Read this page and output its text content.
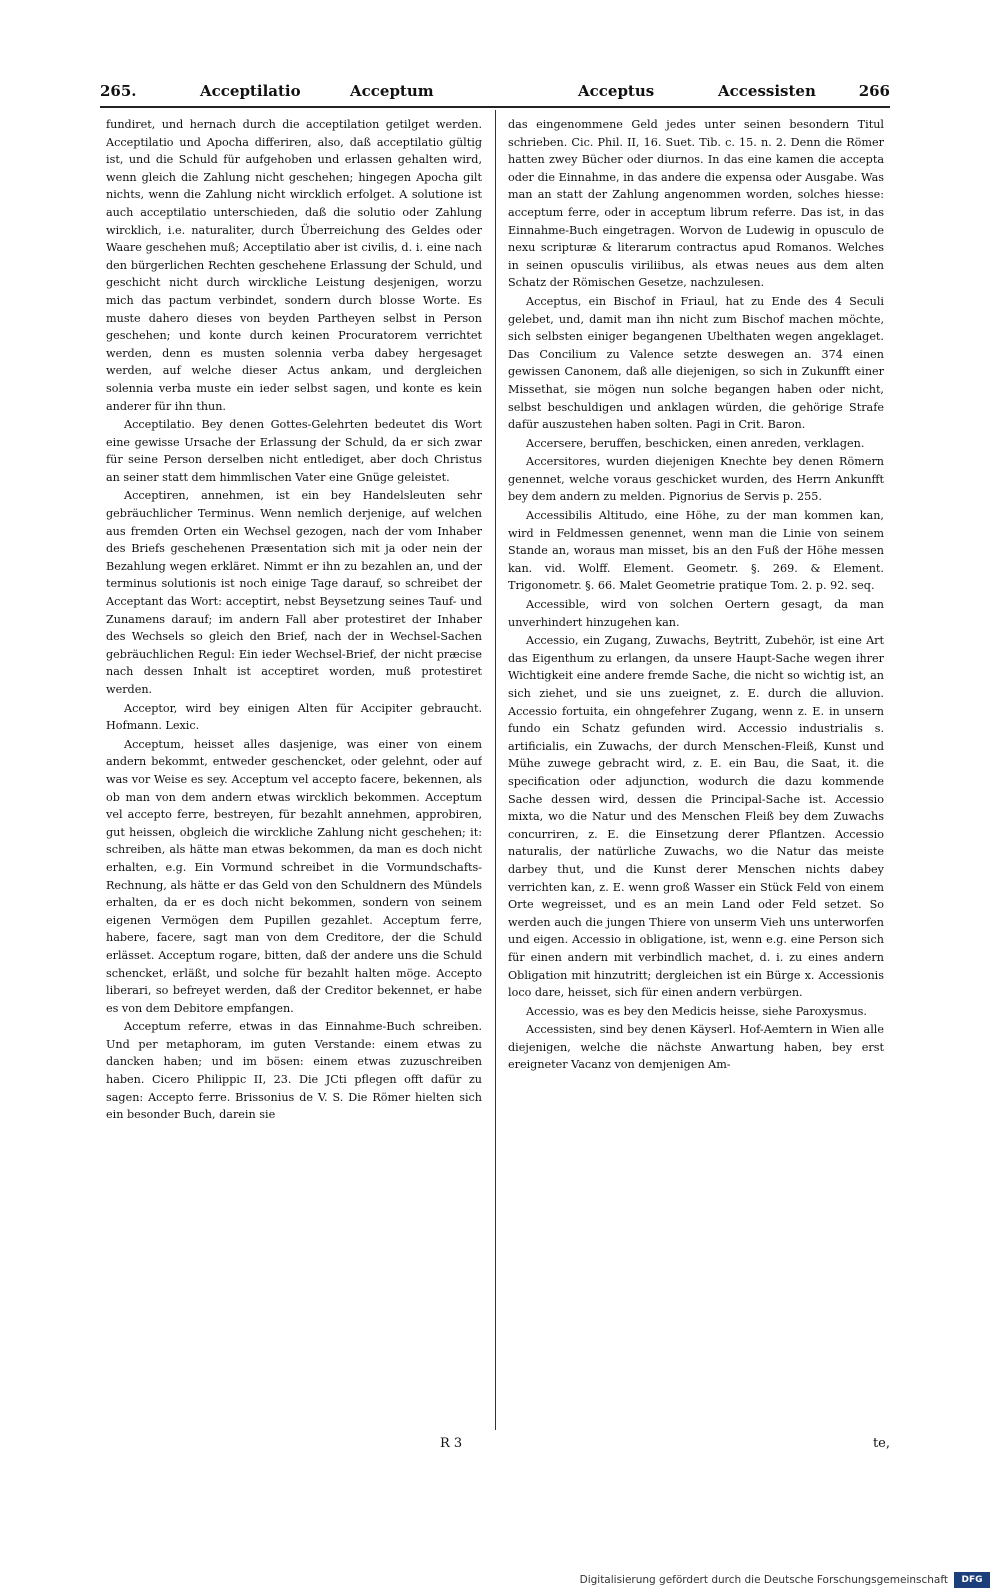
265.	Acceptilatio	Acceptum	Acceptus	Accessisten	266

fundiret, und hernach durch die acceptilation getilget werden. Acceptilatio und Apocha differiren, also, daß acceptilatio gültig ist, und die Schuld für aufgehoben und erlassen gehalten wird, wenn gleich die Zahlung nicht geschehen; hingegen Apocha gilt nichts, wenn die Zahlung nicht wircklich erfolget. A solutione ist auch acceptilatio unterschieden, daß die solutio oder Zahlung wircklich, i.e. naturaliter, durch Überreichung des Geldes oder Waare geschehen muß; Acceptilatio aber ist civilis, d. i. eine nach den bürgerlichen Rechten geschehene Erlassung der Schuld, und geschicht nicht durch wirckliche Leistung desjenigen, worzu mich das pactum verbindet, sondern durch blosse Worte. Es muste dahero dieses von beyden Partheyen selbst in Person geschehen; und konte durch keinen Procuratorem verrichtet werden, denn es musten solennia verba dabey hergesaget werden, auf welche dieser Actus ankam, und dergleichen solennia verba muste ein ieder selbst sagen, und konte es kein anderer für ihn thun.

Acceptilatio. Bey denen Gottes-Gelehrten bedeutet dis Wort eine gewisse Ursache der Erlassung der Schuld, da er sich zwar für seine Person derselben nicht entlediget, aber doch Christus an seiner statt dem himmlischen Vater eine Gnüge geleistet.

Acceptiren, annehmen, ist ein bey Handelsleuten sehr gebräuchlicher Terminus. Wenn nemlich derjenige, auf welchen aus fremden Orten ein Wechsel gezogen, nach der vom Inhaber des Briefs geschehenen Præsentation sich mit ja oder nein der Bezahlung wegen erkläret. Nimmt er ihn zu bezahlen an, und der terminus solutionis ist noch einige Tage darauf, so schreibet der Acceptant das Wort: acceptirt, nebst Beysetzung seines Tauf- und Zunamens darauf; im andern Fall aber protestiret der Inhaber des Wechsels so gleich den Brief, nach der in Wechsel-Sachen gebräuchlichen Regul: Ein ieder Wechsel-Brief, der nicht præcise nach dessen Inhalt ist acceptiret worden, muß protestiret werden.

Acceptor, wird bey einigen Alten für Accipiter gebraucht. Hofmann. Lexic.

Acceptum, heisset alles dasjenige, was einer von einem andern bekommt, entweder geschencket, oder gelehnt, oder auf was vor Weise es sey. Acceptum vel accepto facere, bekennen, als ob man von dem andern etwas wircklich bekommen. Acceptum vel accepto ferre, bestreyen, für bezahlt annehmen, approbiren, gut heissen, obgleich die wirckliche Zahlung nicht geschehen; it: schreiben, als hätte man etwas bekommen, da man es doch nicht erhalten, e.g. Ein Vormund schreibet in die Vormundschafts-Rechnung, als hätte er das Geld von den Schuldnern des Mündels erhalten, da er es doch nicht bekommen, sondern von seinem eigenen Vermögen dem Pupillen gezahlet. Acceptum ferre, habere, facere, sagt man von dem Creditore, der die Schuld erlässet. Acceptum rogare, bitten, daß der andere uns die Schuld schencket, erläßt, und solche für bezahlt halten möge. Accepto liberari, so befreyet werden, daß der Creditor bekennet, er habe es von dem Debitore empfangen.

Acceptum referre, etwas in das Einnahme-Buch schreiben. Und per metaphoram, im guten Verstande: einem etwas zu dancken haben; und im bösen: einem etwas zuzuschreiben haben. Cicero Philippic II, 23. Die JCti pflegen offt dafür zu sagen: Accepto ferre. Brissonius de V. S. Die Römer hielten sich ein besonder Buch, darein sie

das eingenommene Geld jedes unter seinen besondern Titul schrieben. Cic. Phil. II, 16. Suet. Tib. c. 15. n. 2. Denn die Römer hatten zwey Bücher oder diurnos. In das eine kamen die accepta oder die Einnahme, in das andere die expensa oder Ausgabe. Was man an statt der Zahlung angenommen worden, solches hiesse: acceptum ferre, oder in acceptum librum referre. Das ist, in das Einnahme-Buch eingetragen. Worvon de Ludewig in opusculo de nexu scripturæ & literarum contractus apud Romanos. Welches in seinen opusculis viriliibus, als etwas neues aus dem alten Schatz der Römischen Gesetze, nachzulesen.

Acceptus, ein Bischof in Friaul, hat zu Ende des 4 Seculi gelebet, und, damit man ihn nicht zum Bischof machen möchte, sich selbsten einiger begangenen Ubelthaten wegen angeklaget. Das Concilium zu Valence setzte deswegen an. 374 einen gewissen Canonem, daß alle diejenigen, so sich in Zukunfft einer Missethat, sie mögen nun solche begangen haben oder nicht, selbst beschuldigen und anklagen würden, die gehörige Strafe dafür auszustehen haben solten. Pagi in Crit. Baron.

Accersere, beruffen, beschicken, einen anreden, verklagen.

Accersitores, wurden diejenigen Knechte bey denen Römern genennet, welche voraus geschicket wurden, des Herrn Ankunfft bey dem andern zu melden. Pignorius de Servis p. 255.

Accessibilis Altitudo, eine Höhe, zu der man kommen kan, wird in Feldmessen genennet, wenn man die Linie von seinem Stande an, woraus man misset, bis an den Fuß der Höhe messen kan. vid. Wolff. Element. Geometr. §. 269. & Element. Trigonometr. §. 66. Malet Geometrie pratique Tom. 2. p. 92. seq.

Accessible, wird von solchen Oertern gesagt, da man unverhindert hinzugehen kan.

Accessio, ein Zugang, Zuwachs, Beytritt, Zubehör, ist eine Art das Eigenthum zu erlangen, da unsere Haupt-Sache wegen ihrer Wichtigkeit eine andere fremde Sache, die nicht so wichtig ist, an sich ziehet, und sie uns zueignet, z. E. durch die alluvion. Accessio fortuita, ein ohngefehrer Zugang, wenn z. E. in unsern fundo ein Schatz gefunden wird. Accessio industrialis s. artificialis, ein Zuwachs, der durch Menschen-Fleiß, Kunst und Mühe zuwege gebracht wird, z. E. ein Bau, die Saat, it. die specification oder adjunction, wodurch die dazu kommende Sache dessen wird, dessen die Principal-Sache ist. Accessio mixta, wo die Natur und des Menschen Fleiß bey dem Zuwachs concurriren, z. E. die Einsetzung derer Pflantzen. Accessio naturalis, der natürliche Zuwachs, wo die Natur das meiste darbey thut, und die Kunst derer Menschen nichts dabey verrichten kan, z. E. wenn groß Wasser ein Stück Feld von einem Orte wegreisset, und es an mein Land oder Feld setzet. So werden auch die jungen Thiere von unserm Vieh uns unterworfen und eigen. Accessio in obligatione, ist, wenn e.g. eine Person sich für einen andern mit verbindlich machet, d. i. zu eines andern Obligation mit hinzutritt; dergleichen ist ein Bürge x. Accessionis loco dare, heisset, sich für einen andern verbürgen.

Accessio, was es bey den Medicis heisse, siehe Paroxysmus.

Accessisten, sind bey denen Käyserl. Hof-Aemtern in Wien alle diejenigen, welche die nächste Anwartung haben, bey erst ereigneter Vacanz von demjenigen Am-

R 3	te,
Digitalisierung gefördert durch die Deutsche Forschungsgemeinschaft	DFG
